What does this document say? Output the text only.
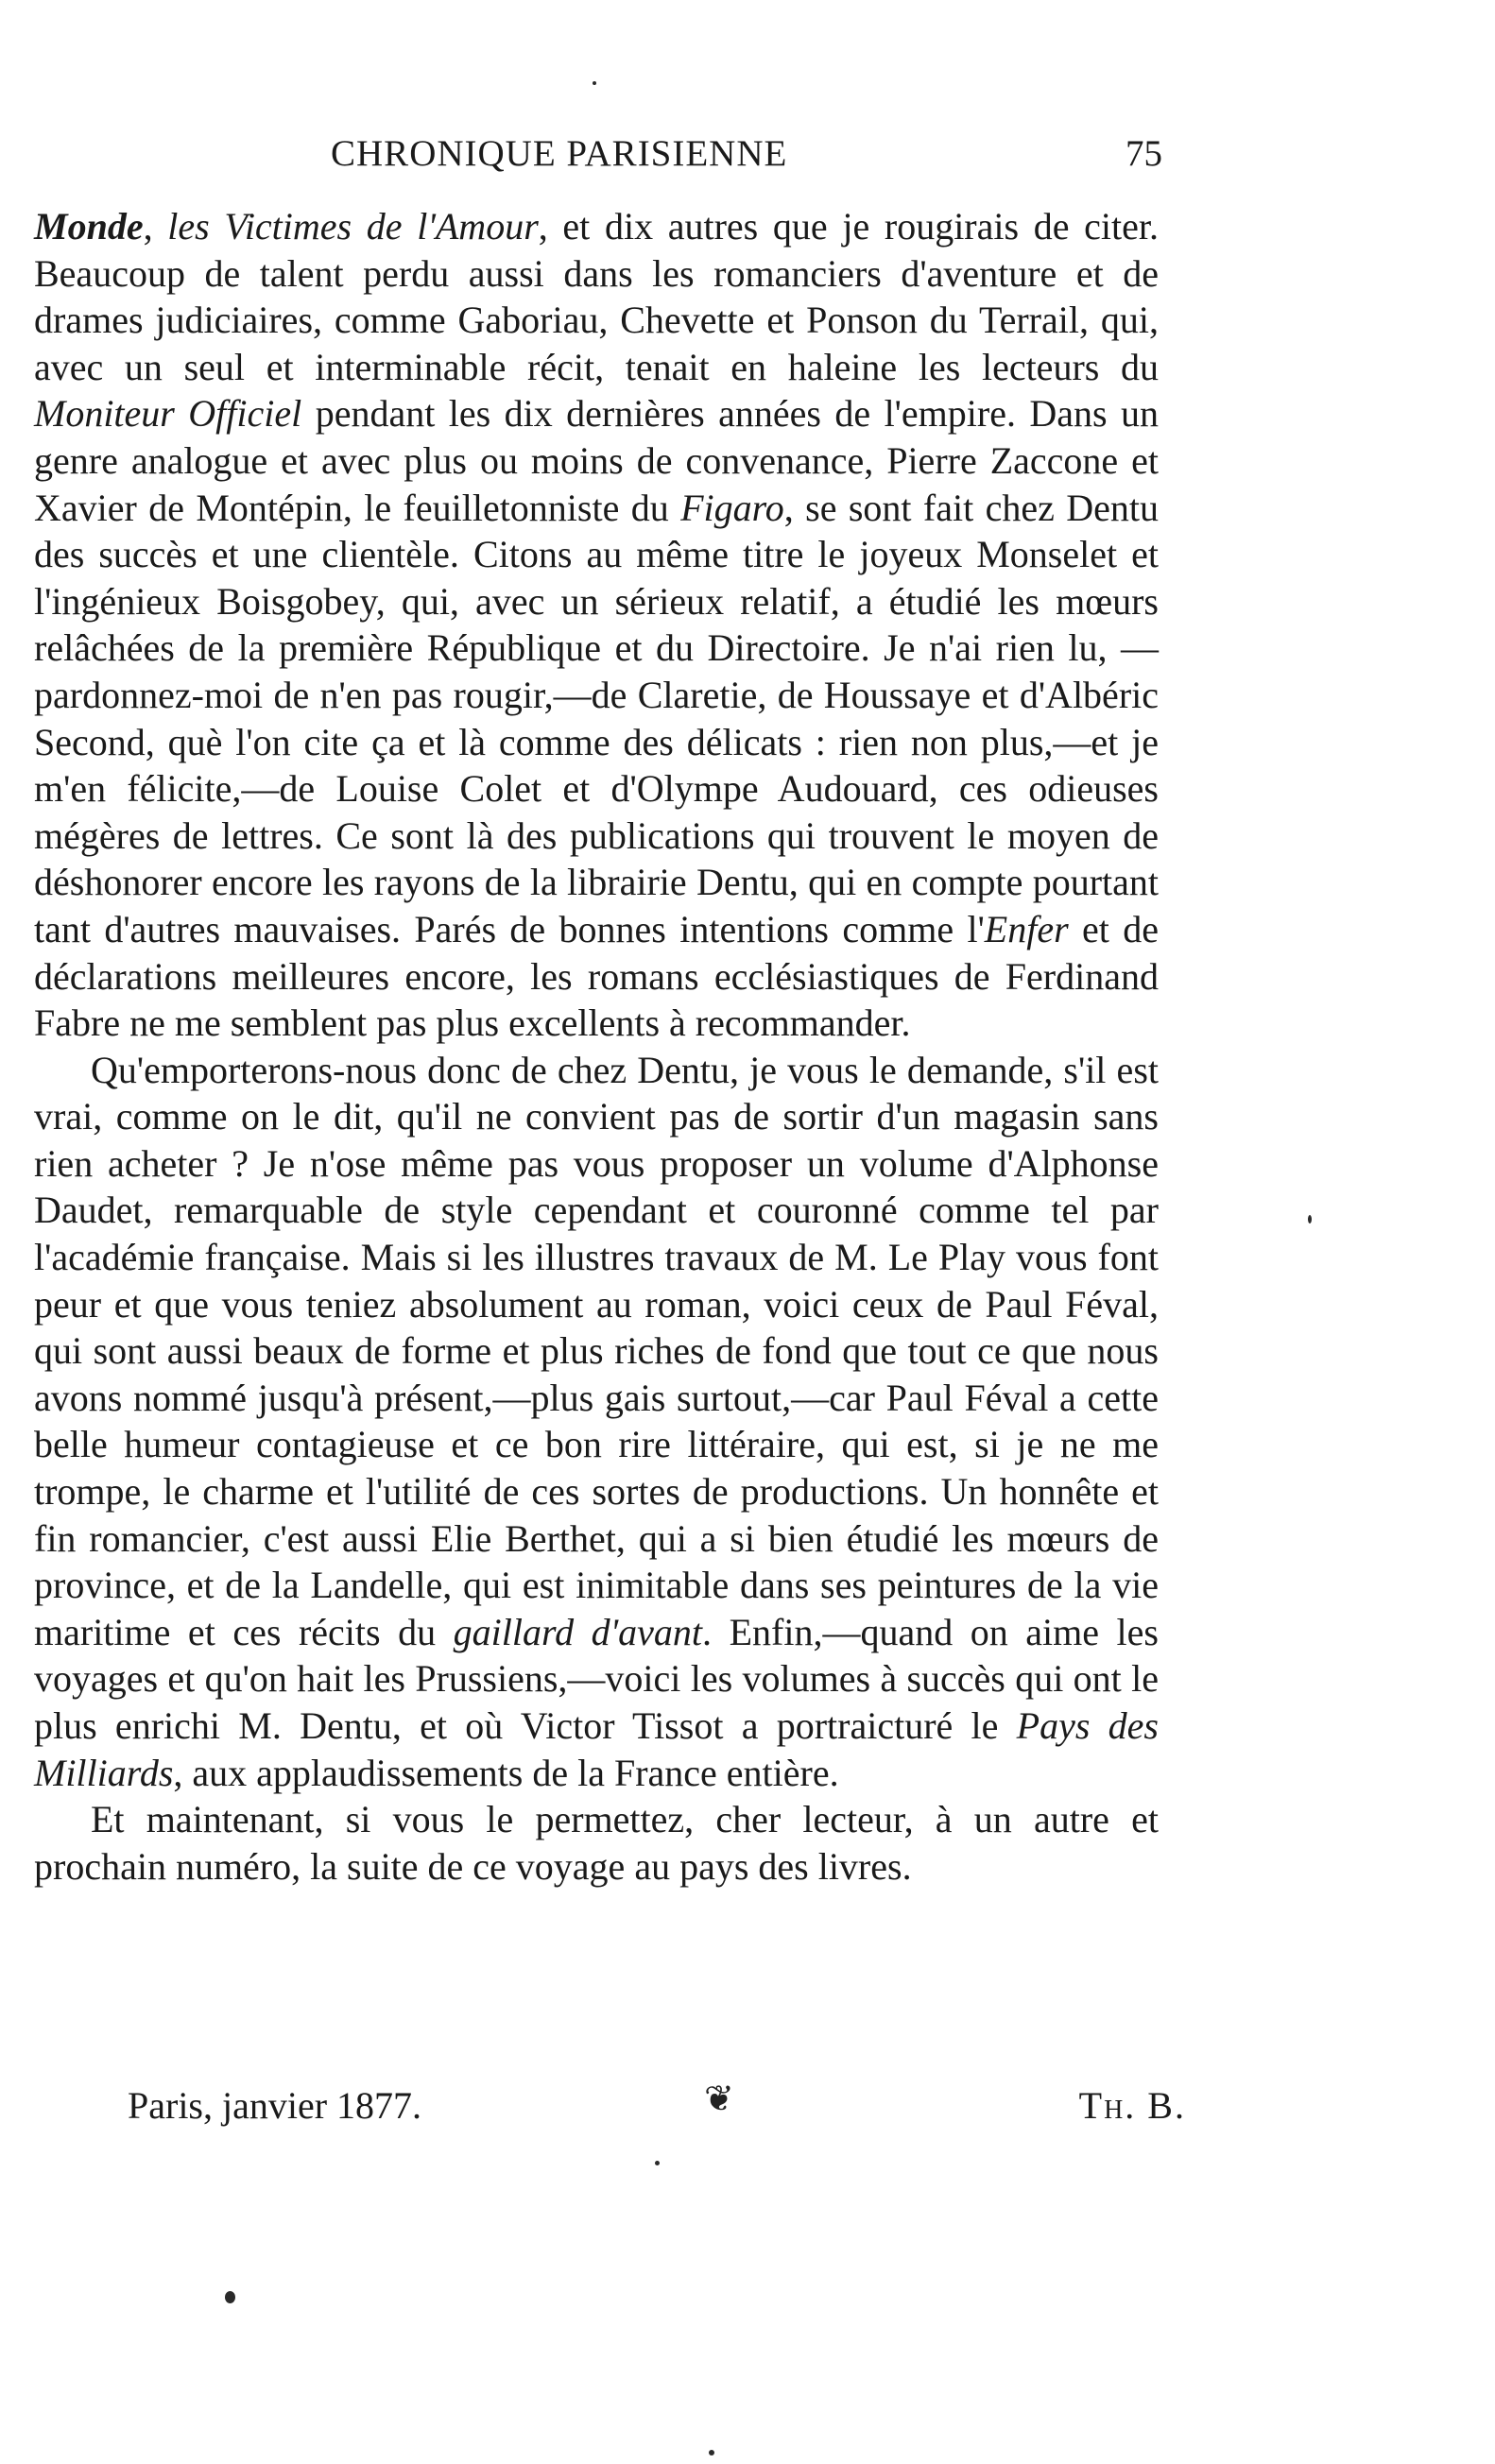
CHRONIQUE PARISIENNE	75

Monde, les Victimes de l'Amour, et dix autres que je rougirais de citer. Beaucoup de talent perdu aussi dans les romanciers d'aventure et de drames judiciaires, comme Gaboriau, Chevette et Ponson du Terrail, qui, avec un seul et interminable récit, tenait en haleine les lecteurs du Moniteur Officiel pendant les dix dernières années de l'empire. Dans un genre analogue et avec plus ou moins de convenance, Pierre Zaccone et Xavier de Montépin, le feuilletonniste du Figaro, se sont fait chez Dentu des succès et une clientèle. Citons au même titre le joyeux Monselet et l'ingénieux Boisgobey, qui, avec un sérieux relatif, a étudié les mœurs relâchées de la première République et du Directoire. Je n'ai rien lu, —pardonnez-moi de n'en pas rougir,—de Claretie, de Houssaye et d'Albéric Second, què l'on cite ça et là comme des délicats : rien non plus,—et je m'en félicite,—de Louise Colet et d'Olympe Audouard, ces odieuses mégères de lettres. Ce sont là des publications qui trouvent le moyen de déshonorer encore les rayons de la librairie Dentu, qui en compte pourtant tant d'autres mauvaises. Parés de bonnes intentions comme l'Enfer et de déclarations meilleures encore, les romans ecclésiastiques de Ferdinand Fabre ne me semblent pas plus excellents à recommander.

Qu'emporterons-nous donc de chez Dentu, je vous le demande, s'il est vrai, comme on le dit, qu'il ne convient pas de sortir d'un magasin sans rien acheter ? Je n'ose même pas vous proposer un volume d'Alphonse Daudet, remarquable de style cependant et couronné comme tel par l'académie française. Mais si les illustres travaux de M. Le Play vous font peur et que vous teniez absolument au roman, voici ceux de Paul Féval, qui sont aussi beaux de forme et plus riches de fond que tout ce que nous avons nommé jusqu'à présent,—plus gais surtout,—car Paul Féval a cette belle humeur contagieuse et ce bon rire littéraire, qui est, si je ne me trompe, le charme et l'utilité de ces sortes de productions. Un honnête et fin romancier, c'est aussi Elie Berthet, qui a si bien étudié les mœurs de province, et de la Landelle, qui est inimitable dans ses peintures de la vie maritime et ces récits du gaillard d'avant. Enfin,—quand on aime les voyages et qu'on hait les Prussiens,—voici les volumes à succès qui ont le plus enrichi M. Dentu, et où Victor Tissot a portraicturé le Pays des Milliards, aux applaudissements de la France entière.

Et maintenant, si vous le permettez, cher lecteur, à un autre et prochain numéro, la suite de ce voyage au pays des livres.

Paris, janvier 1877.	❦	Th. B.
